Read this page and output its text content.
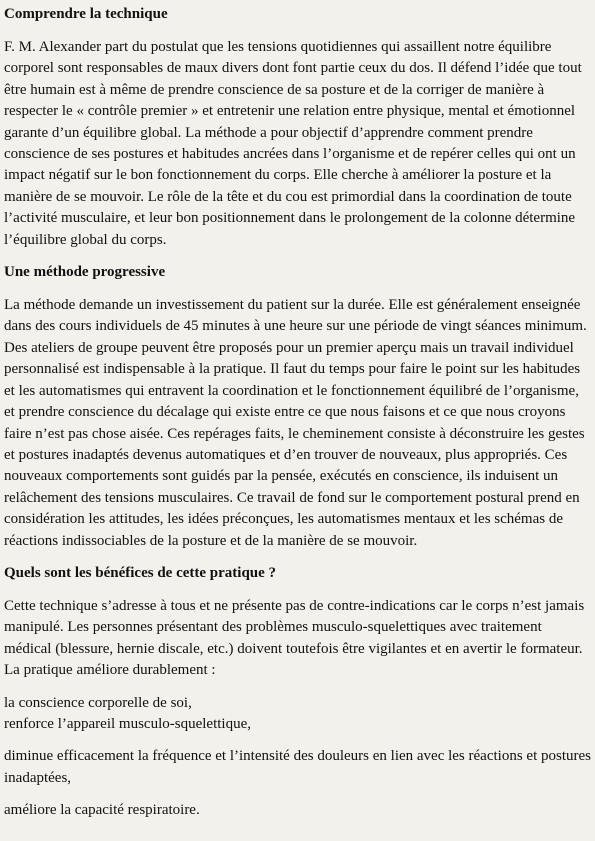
Comprendre la technique

F. M. Alexander part du postulat que les tensions quotidiennes qui assaillent notre équilibre corporel sont responsables de maux divers dont font partie ceux du dos. Il défend l’idée que tout être humain est à même de prendre conscience de sa posture et de la corriger de manière à respecter le « contrôle premier » et entretenir une relation entre physique, mental et émotionnel garante d’un équilibre global. La méthode a pour objectif d’apprendre comment prendre conscience de ses postures et habitudes ancrées dans l’organisme et de repérer celles qui ont un impact négatif sur le bon fonctionnement du corps. Elle cherche à améliorer la posture et la manière de se mouvoir. Le rôle de la tête et du cou est primordial dans la coordination de toute l’activité musculaire, et leur bon positionnement dans le prolongement de la colonne détermine l’équilibre global du corps.

Une méthode progressive

La méthode demande un investissement du patient sur la durée. Elle est généralement enseignée dans des cours individuels de 45 minutes à une heure sur une période de vingt séances minimum. Des ateliers de groupe peuvent être proposés pour un premier aperçu mais un travail individuel personnalisé est indispensable à la pratique. Il faut du temps pour faire le point sur les habitudes et les automatismes qui entravent la coordination et le fonctionnement équilibré de l’organisme, et prendre conscience du décalage qui existe entre ce que nous faisons et ce que nous croyons faire n’est pas chose aisée. Ces repérages faits, le cheminement consiste à déconstruire les gestes et postures inadaptés devenus automatiques et d’en trouver de nouveaux, plus appropriés. Ces nouveaux comportements sont guidés par la pensée, exécutés en conscience, ils induisent un relâchement des tensions musculaires. Ce travail de fond sur le comportement postural prend en considération les attitudes, les idées préconçues, les automatismes mentaux et les schémas de réactions indissociables de la posture et de la manière de se mouvoir.

Quels sont les bénéfices de cette pratique ?

Cette technique s’adresse à tous et ne présente pas de contre-indications car le corps n’est jamais manipulé. Les personnes présentant des problèmes musculo-squelettiques avec traitement médical (blessure, hernie discale, etc.) doivent toutefois être vigilantes et en avertir le formateur. La pratique améliore durablement :

la conscience corporelle de soi,
renforce l’appareil musculo-squelettique,

diminue efficacement la fréquence et l’intensité des douleurs en lien avec les réactions et postures inadaptées,

améliore la capacité respiratoire.
